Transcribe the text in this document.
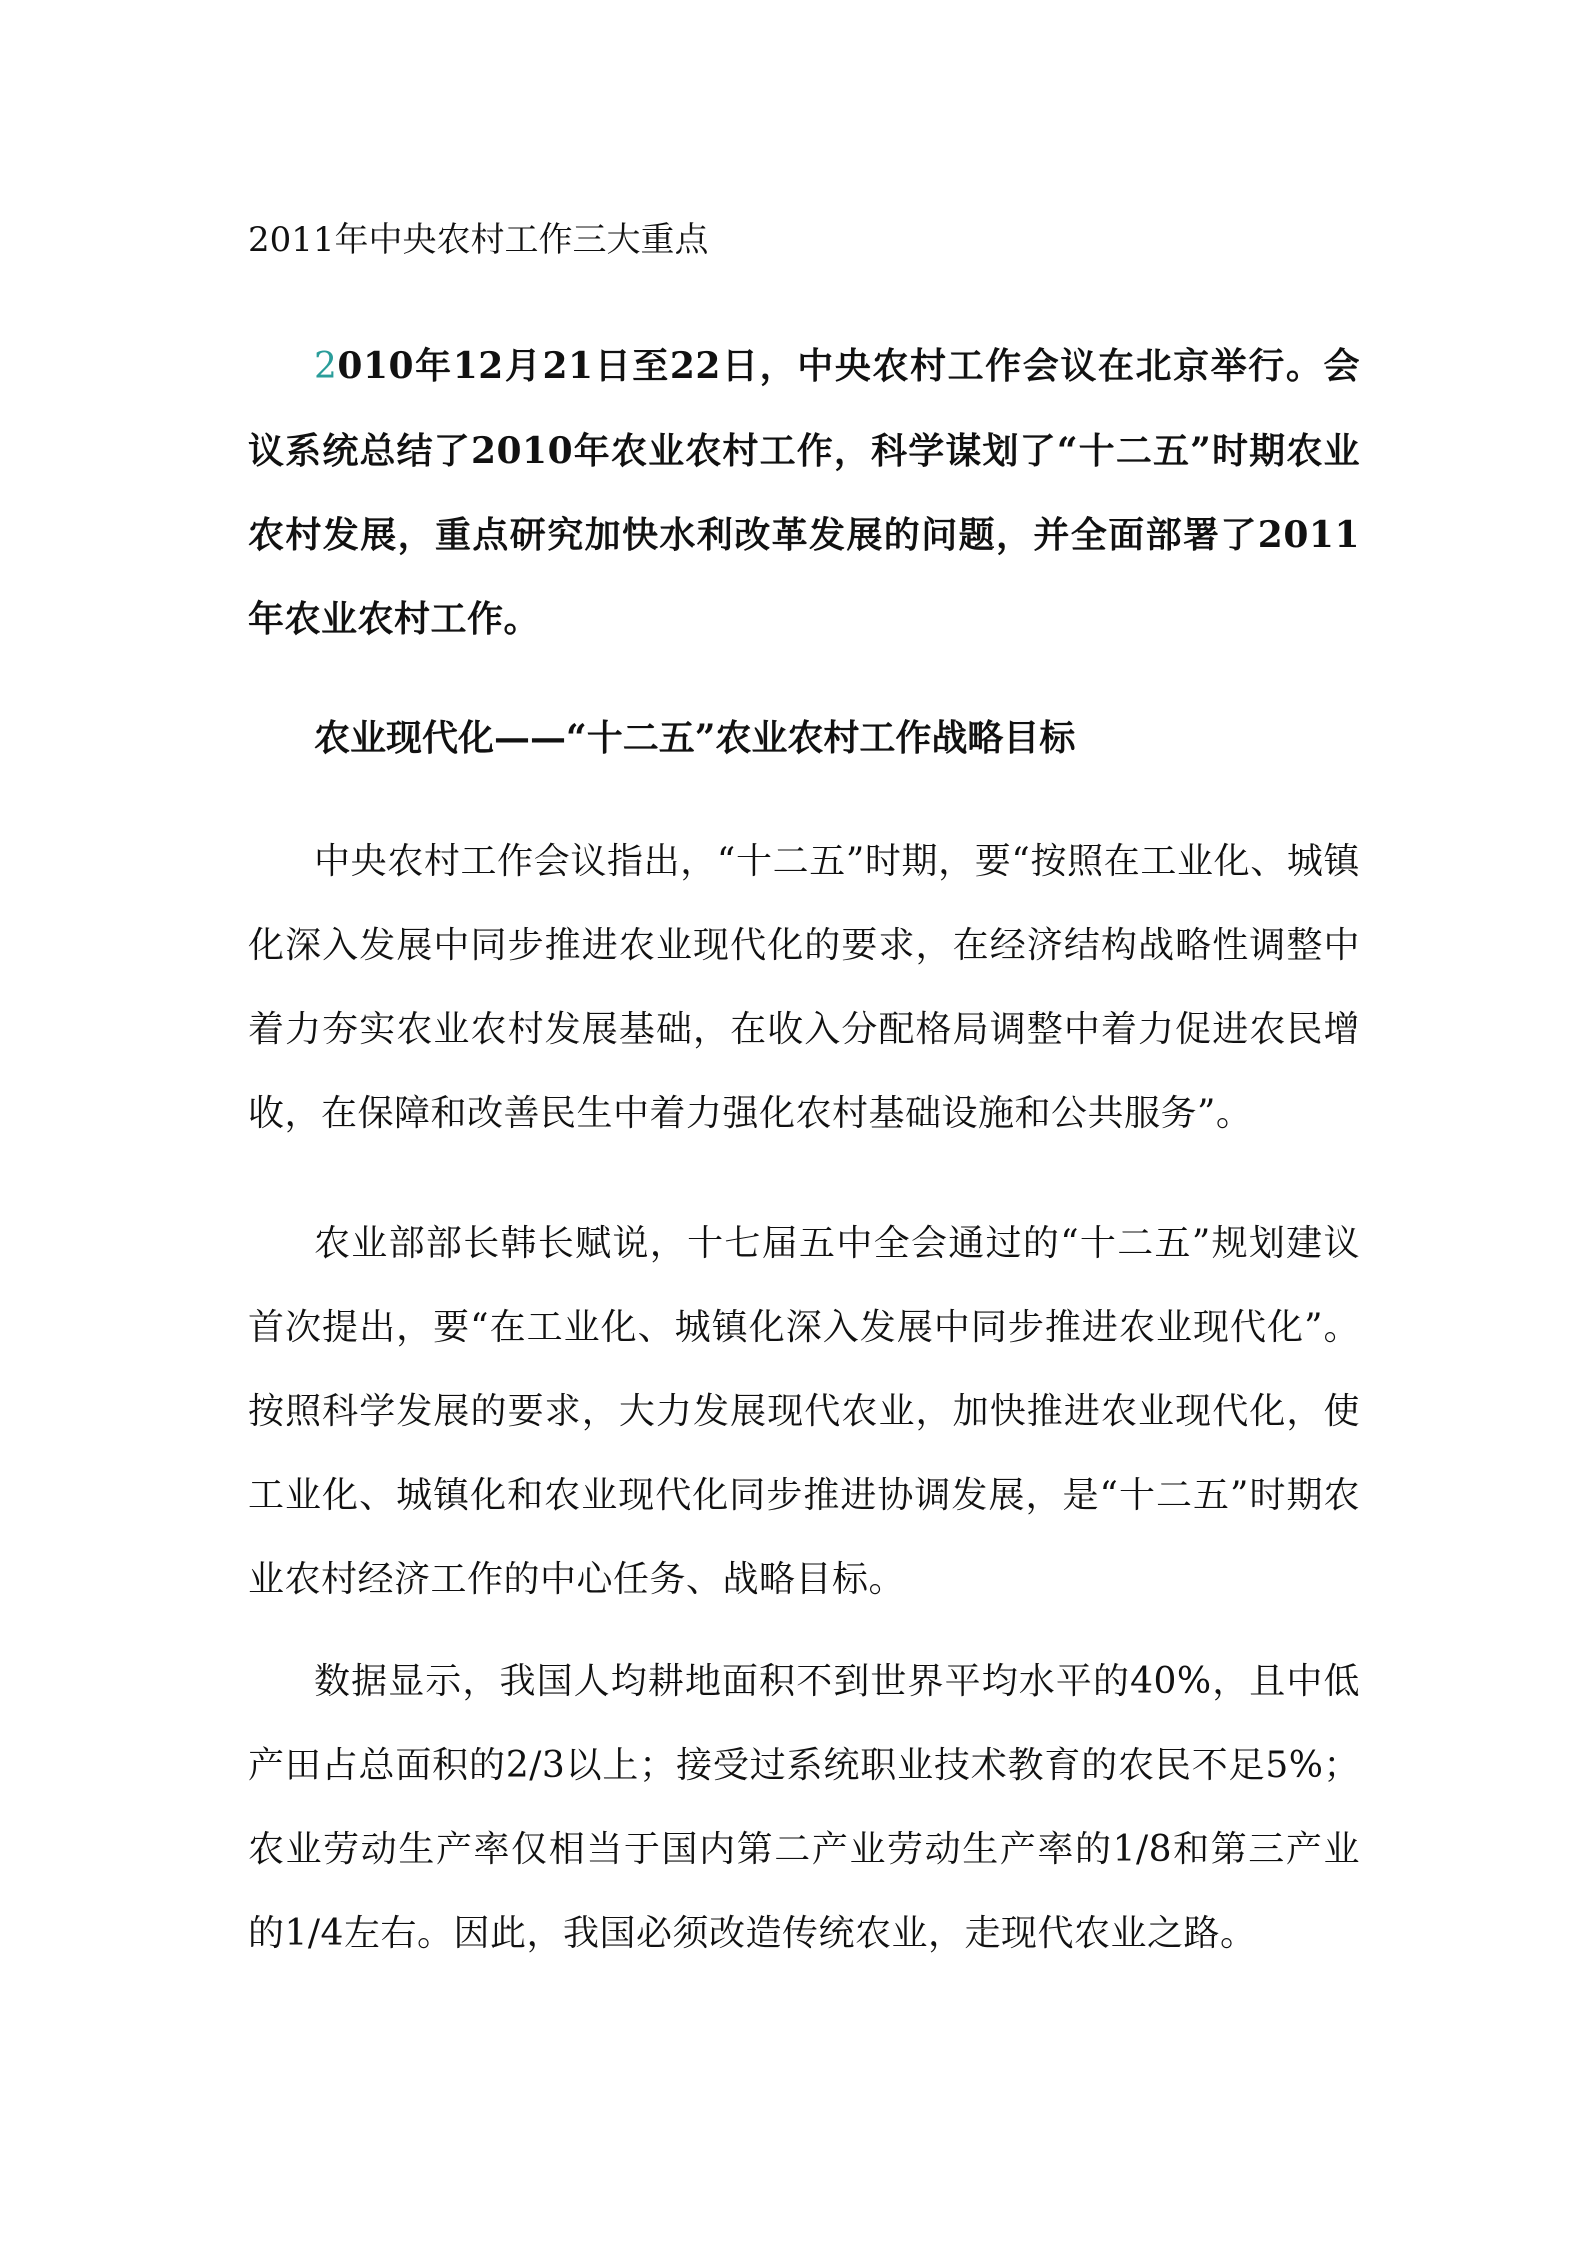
2011年中央农村工作三大重点

2010年12月21日至22日，中央农村工作会议在北京举行。会议系统总结了2010年农业农村工作，科学谋划了“十二五”时期农业农村发展，重点研究加快水利改革发展的问题，并全面部署了2011年农业农村工作。

农业现代化——“十二五”农业农村工作战略目标

中央农村工作会议指出，“十二五”时期，要“按照在工业化、城镇化深入发展中同步推进农业现代化的要求，在经济结构战略性调整中着力夯实农业农村发展基础，在收入分配格局调整中着力促进农民增收，在保障和改善民生中着力强化农村基础设施和公共服务”。

农业部部长韩长赋说，十七届五中全会通过的“十二五”规划建议首次提出，要“在工业化、城镇化深入发展中同步推进农业现代化”。按照科学发展的要求，大力发展现代农业，加快推进农业现代化，使工业化、城镇化和农业现代化同步推进协调发展，是“十二五”时期农业农村经济工作的中心任务、战略目标。

数据显示，我国人均耕地面积不到世界平均水平的40%，且中低产田占总面积的2/3以上；接受过系统职业技术教育的农民不足5%；农业劳动生产率仅相当于国内第二产业劳动生产率的1/8和第三产业的1/4左右。因此，我国必须改造传统农业，走现代农业之路。
